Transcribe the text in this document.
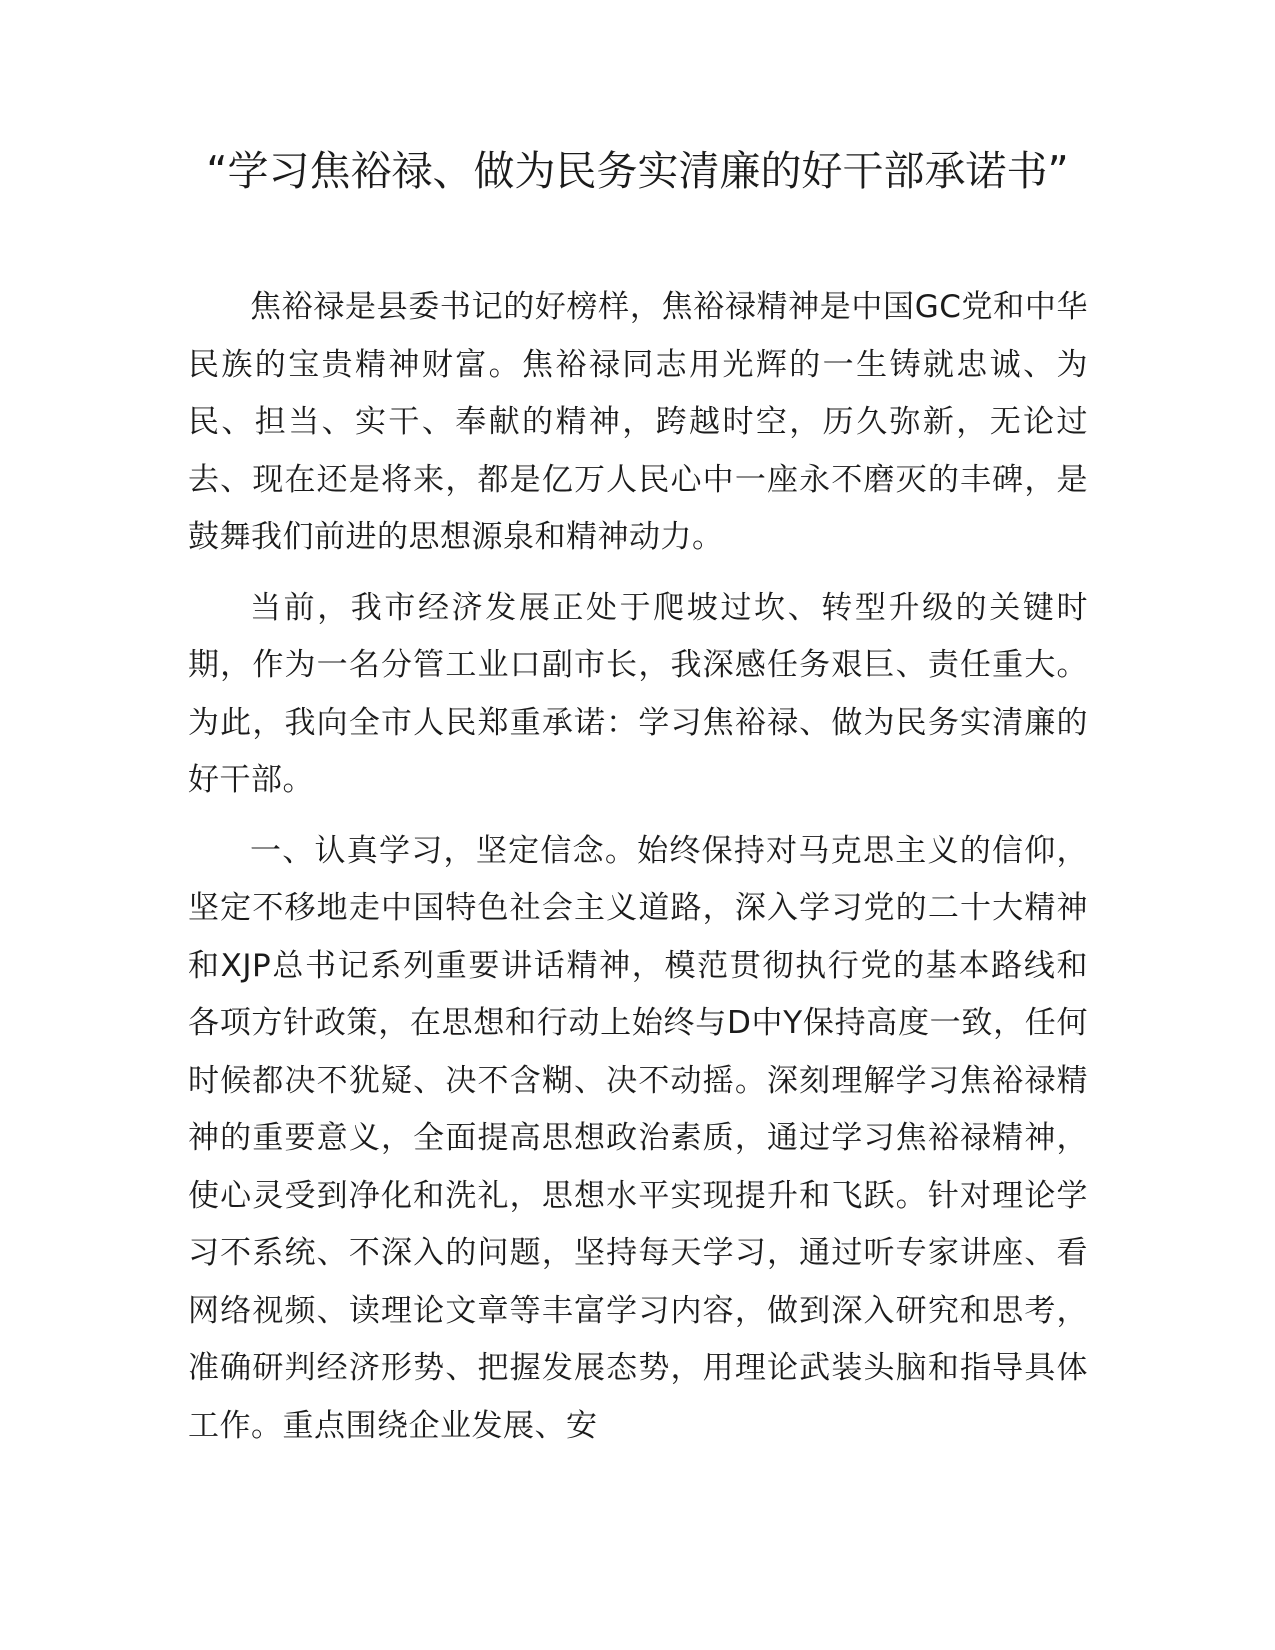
“学习焦裕禄、做为民务实清廉的好干部承诺书”

焦裕禄是县委书记的好榜样，焦裕禄精神是中国GC党和中华民族的宝贵精神财富。焦裕禄同志用光辉的一生铸就忠诚、为民、担当、实干、奉献的精神，跨越时空，历久弥新，无论过去、现在还是将来，都是亿万人民心中一座永不磨灭的丰碑，是鼓舞我们前进的思想源泉和精神动力。

当前，我市经济发展正处于爬坡过坎、转型升级的关键时期，作为一名分管工业口副市长，我深感任务艰巨、责任重大。为此，我向全市人民郑重承诺：学习焦裕禄、做为民务实清廉的好干部。

一、认真学习，坚定信念。始终保持对马克思主义的信仰，坚定不移地走中国特色社会主义道路，深入学习党的二十大精神和XJP总书记系列重要讲话精神，模范贯彻执行党的基本路线和各项方针政策，在思想和行动上始终与D中Y保持高度一致，任何时候都决不犹疑、决不含糊、决不动摇。深刻理解学习焦裕禄精神的重要意义，全面提高思想政治素质，通过学习焦裕禄精神，使心灵受到净化和洗礼，思想水平实现提升和飞跃。针对理论学习不系统、不深入的问题，坚持每天学习，通过听专家讲座、看网络视频、读理论文章等丰富学习内容，做到深入研究和思考，准确研判经济形势、把握发展态势，用理论武装头脑和指导具体工作。重点围绕企业发展、安
